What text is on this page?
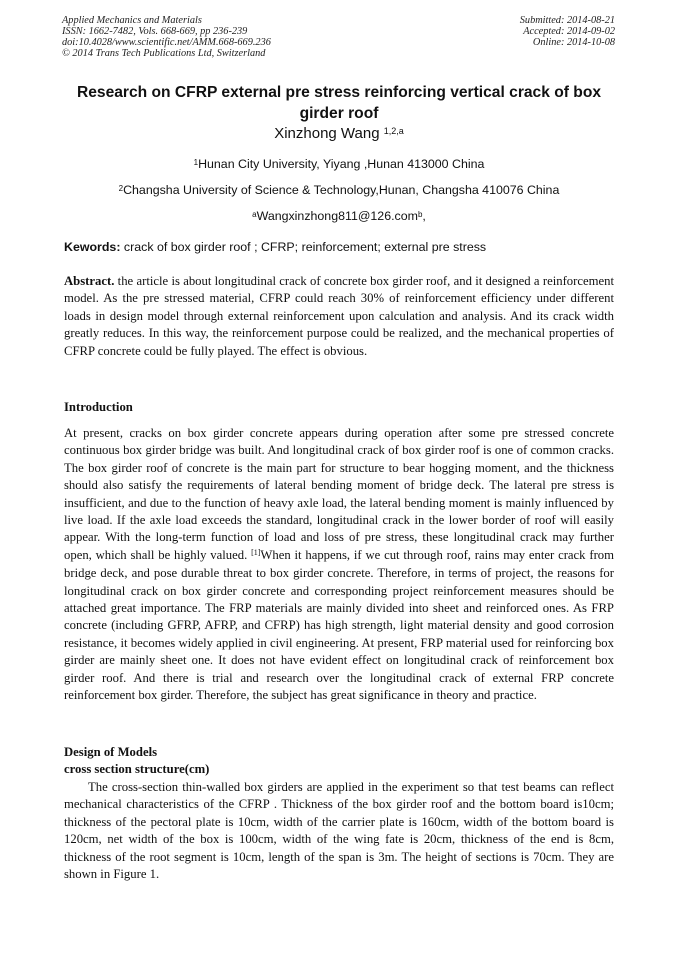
Applied Mechanics and Materials
ISSN: 1662-7482, Vols. 668-669, pp 236-239
doi:10.4028/www.scientific.net/AMM.668-669.236
© 2014 Trans Tech Publications Ltd, Switzerland
Submitted: 2014-08-21
Accepted: 2014-09-02
Online: 2014-10-08
Research on CFRP external pre stress reinforcing vertical crack of box girder roof
Xinzhong Wang $^{1,2,a}$
$^1$Hunan City University, Yiyang ,Hunan 413000 China
$^2$Changsha University of Science & Technology,Hunan, Changsha 410076 China
$^a$Wangxinzhong811@126.com$^b$,
Kewords: crack of box girder roof ; CFRP; reinforcement; external pre stress
Abstract. the article is about longitudinal crack of concrete box girder roof, and it designed a reinforcement model. As the pre stressed material, CFRP could reach 30% of reinforcement efficiency under different loads in design model through external reinforcement upon calculation and analysis. And its crack width greatly reduces. In this way, the reinforcement purpose could be realized, and the mechanical properties of CFRP concrete could be fully played. The effect is obvious.
Introduction
At present, cracks on box girder concrete appears during operation after some pre stressed concrete continuous box girder bridge was built. And longitudinal crack of box girder roof is one of common cracks. The box girder roof of concrete is the main part for structure to bear hogging moment, and the thickness should also satisfy the requirements of lateral bending moment of bridge deck. The lateral pre stress is insufficient, and due to the function of heavy axle load, the lateral bending moment is mainly influenced by live load. If the axle load exceeds the standard, longitudinal crack in the lower border of roof will easily appear. With the long-term function of load and loss of pre stress, these longitudinal crack may further open, which shall be highly valued. [1]When it happens, if we cut through roof, rains may enter crack from bridge deck, and pose durable threat to box girder concrete. Therefore, in terms of project, the reasons for longitudinal crack on box girder concrete and corresponding project reinforcement measures should be attached great importance. The FRP materials are mainly divided into sheet and reinforced ones. As FRP concrete (including GFRP, AFRP, and CFRP) has high strength, light material density and good corrosion resistance, it becomes widely applied in civil engineering. At present, FRP material used for reinforcing box girder are mainly sheet one. It does not have evident effect on longitudinal crack of reinforcement box girder roof. And there is trial and research over the longitudinal crack of external FRP concrete reinforcement box girder. Therefore, the subject has great significance in theory and practice.
Design of Models
cross section structure(cm)
The cross-section thin-walled box girders are applied in the experiment so that test beams can reflect mechanical characteristics of the CFRP . Thickness of the box girder roof and the bottom board is10cm; thickness of the pectoral plate is 10cm, width of the carrier plate is 160cm, width of the bottom board is 120cm, net width of the box is 100cm, width of the wing fate is 20cm, thickness of the end is 8cm, thickness of the root segment is 10cm, length of the span is 3m. The height of sections is 70cm. They are shown in Figure 1.
